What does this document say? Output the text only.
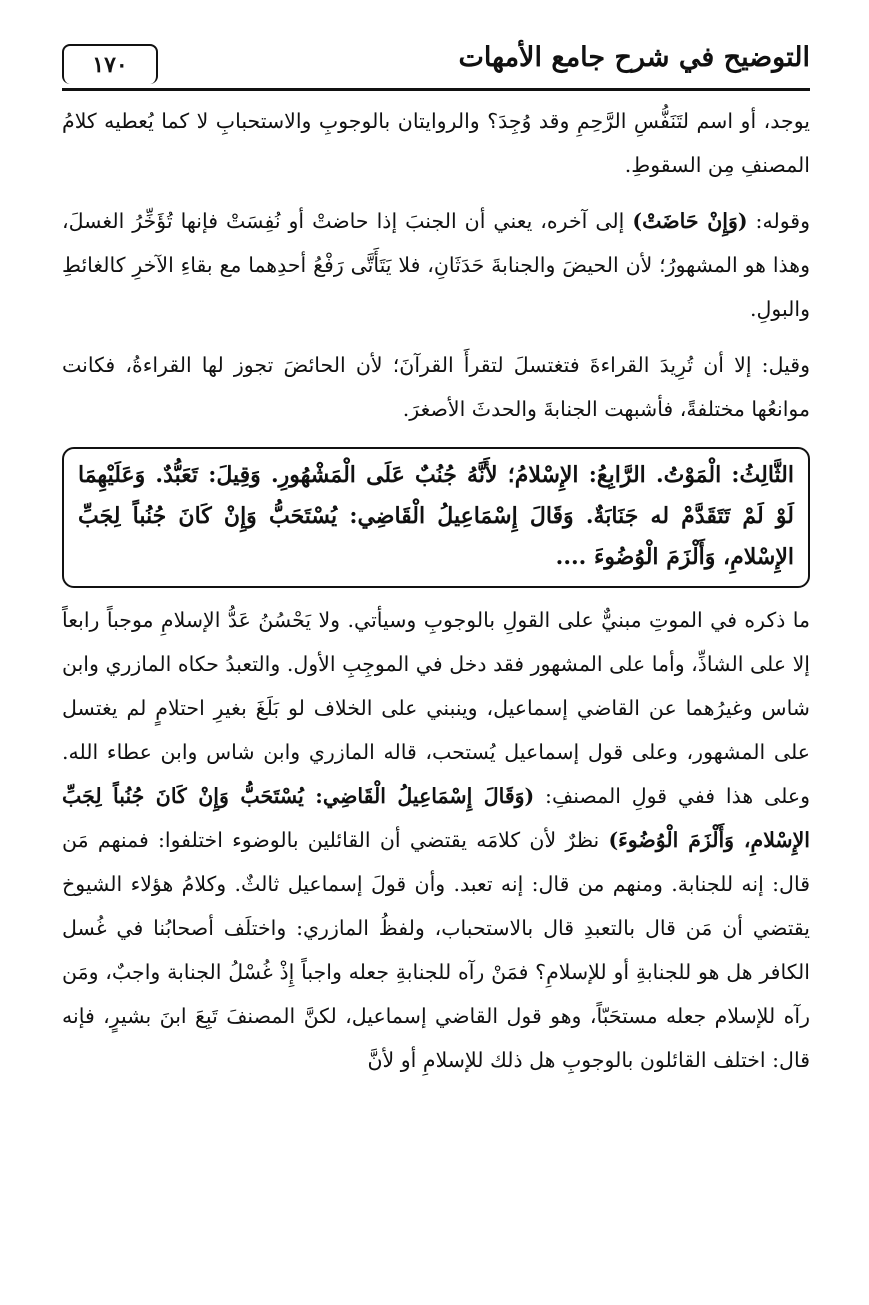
التوضيح في شرح جامع الأمهات
١٧٠

يوجد، أو اسم لتَنَفُّسِ الرَّحِمِ وقد وُجِدَ؟ والروايتان بالوجوبِ والاستحبابِ لا كما يُعطيه كلامُ المصنفِ مِن السقوطِ.

وقوله: (وَإِنْ حَاضَتْ) إلى آخره، يعني أن الجنبَ إذا حاضتْ أو نُفِسَتْ فإنها تُؤَخِّرُ الغسلَ، وهذا هو المشهورُ؛ لأن الحيضَ والجنابةَ حَدَثَانِ، فلا يَتَأَتَّى رَفْعُ أحدِهما مع بقاءِ الآخرِ كالغائطِ والبولِ.

وقيل: إلا أن تُرِيدَ القراءةَ فتغتسلَ لتقرأَ القرآنَ؛ لأن الحائضَ تجوز لها القراءةُ، فكانت موانعُها مختلفةً، فأشبهت الجنابةَ والحدثَ الأصغرَ.

الثَّالِثُ: الْمَوْتُ. الرَّابِعُ: الإِسْلامُ؛ لأَنَّهُ جُنُبٌ عَلَى الْمَشْهُورِ. وَقِيلَ: تَعَبُّدٌ. وَعَلَيْهِمَا لَوْ لَمْ تَتَقَدَّمْ له جَنَابَةٌ. وَقَالَ إِسْمَاعِيلُ الْقَاضِي: يُسْتَحَبُّ وَإِنْ كَانَ جُنُباً لِجَبِّ الإِسْلامِ، وَأَلْزَمَ الْوُضُوءَ ....

ما ذكره في الموتِ مبنيٌّ على القولِ بالوجوبِ وسيأتي. ولا يَحْسُنُ عَدُّ الإسلامِ موجباً رابعاً إلا على الشاذِّ، وأما على المشهور فقد دخل في الموجِبِ الأول. والتعبدُ حكاه المازري وابن شاس وغيرُهما عن القاضي إسماعيل، وينبني على الخلاف لو بَلَغَ بغيرِ احتلامٍ لم يغتسل على المشهور، وعلى قول إسماعيل يُستحب، قاله المازري وابن شاس وابن عطاء الله. وعلى هذا ففي قولِ المصنفِ: (وَقَالَ إِسْمَاعِيلُ الْقَاضِي: يُسْتَحَبُّ وَإِنْ كَانَ جُنُباً لِجَبِّ الإِسْلامِ، وَأَلْزَمَ الْوُضُوءَ) نظرٌ لأن كلامَه يقتضي أن القائلين بالوضوء اختلفوا: فمنهم مَن قال: إنه للجنابة. ومنهم من قال: إنه تعبد. وأن قولَ إسماعيل ثالثٌ. وكلامُ هؤلاء الشيوخ يقتضي أن مَن قال بالتعبدِ قال بالاستحباب، ولفظُ المازري: واختلَف أصحابُنا في غُسل الكافر هل هو للجنابةِ أو للإسلامِ؟ فمَنْ رآه للجنابةِ جعله واجباً إِذْ غُسْلُ الجنابة واجبٌ، ومَن رآه للإسلام جعله مستحَبّاً، وهو قول القاضي إسماعيل، لكنَّ المصنفَ تَبِعَ ابنَ بشيرٍ، فإنه قال: اختلف القائلون بالوجوبِ هل ذلك للإسلامِ أو لأنَّ
